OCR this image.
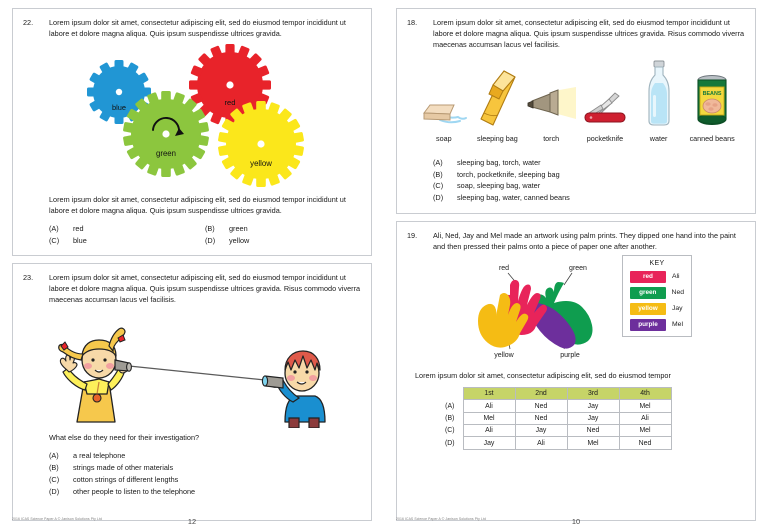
22.	Lorem ipsum dolor sit amet, consectetur adipiscing elit, sed do eiusmod tempor incididunt ut labore et dolore magna aliqua. Quis ipsum suspendisse ultrices gravida.
blue
red
green
yellow
Lorem ipsum dolor sit amet, consectetur adipiscing elit, sed do eiusmod tempor incididunt ut labore et dolore magna aliqua. Quis ipsum suspendisse ultrices gravida.
(A)	red
(C)	blue
(B)	green
(D)	yellow
23.	Lorem ipsum dolor sit amet, consectetur adipiscing elit, sed do eiusmod tempor incididunt ut labore et dolore magna aliqua. Quis ipsum suspendisse ultrices gravida. Risus commodo viverra maecenas accumsan lacus vel facilisis.
What else do they need for their investigation?
(A)	a real telephone
(B)	strings made of other materials
(C)	cotton strings of different lengths
(D)	other people to listen to the telephone
2016 ICAS Science Paper A © Janison Solutions Pty Ltd	12
18.	Lorem ipsum dolor sit amet, consectetur adipiscing elit, sed do eiusmod tempor incididunt ut labore et dolore magna aliqua. Quis ipsum suspendisse ultrices gravida. Risus commodo viverra maecenas accumsan lacus vel facilisis.
soap	sleeping bag	torch	pocketknife	water
BEANS
canned beans
(A)	sleeping bag, torch, water
(B)	torch, pocketknife, sleeping bag
(C)	soap, sleeping bag, water
(D)	sleeping bag, water, canned beans
19.	Ali, Ned, Jay and Mel made an artwork using palm prints. They dipped one hand into the paint and then pressed their palms onto a piece of paper one after another.
red	green
yellow	purple
KEY
red	Ali
green	Ned
yellow	Jay
purple	Mel
Lorem ipsum dolor sit amet, consectetur adipiscing elit, sed do eiusmod tempor
	1st	2nd	3rd	4th
(A)	Ali	Ned	Jay	Mel
(B)	Mel	Ned	Jay	Ali
(C)	Ali	Jay	Ned	Mel
(D)	Jay	Ali	Mel	Ned
2016 ICAS Science Paper A © Janison Solutions Pty Ltd	10
